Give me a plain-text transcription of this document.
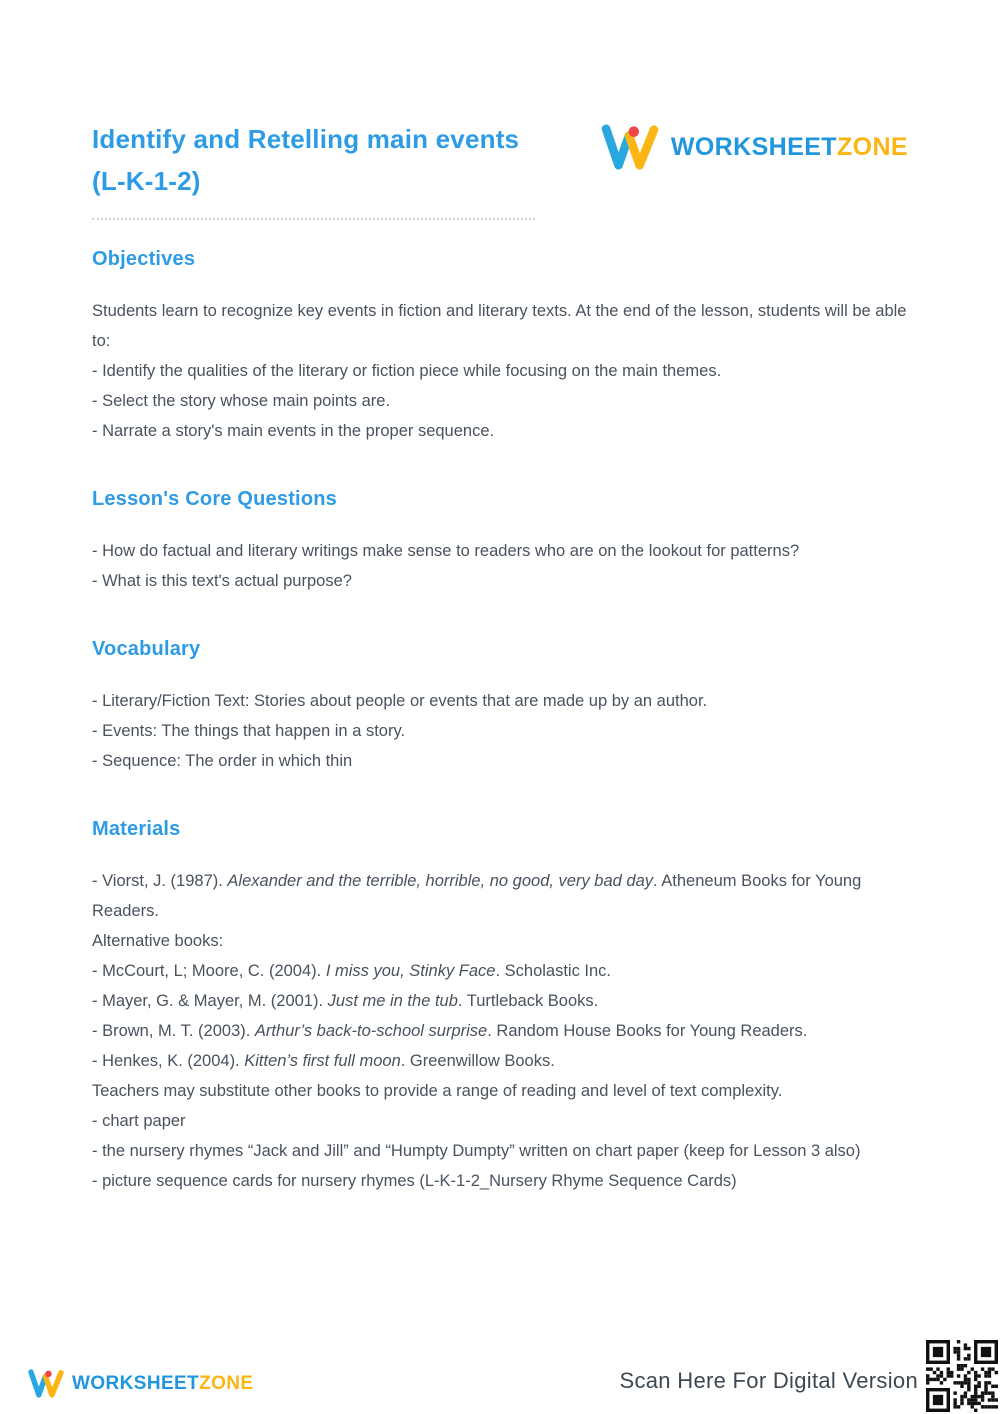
Identify and Retelling main events
(L-K-1-2)
WORKSHEETZONE
Objectives
Students learn to recognize key events in fiction and literary texts. At the end of the lesson, students will be able to:
- Identify the qualities of the literary or fiction piece while focusing on the main themes.
- Select the story whose main points are.
- Narrate a story's main events in the proper sequence.
Lesson's Core Questions
- How do factual and literary writings make sense to readers who are on the lookout for patterns?
- What is this text's actual purpose?
Vocabulary
- Literary/Fiction Text: Stories about people or events that are made up by an author.
- Events: The things that happen in a story.
- Sequence: The order in which thin
Materials
- Viorst, J. (1987). Alexander and the terrible, horrible, no good, very bad day. Atheneum Books for Young Readers.
Alternative books:
- McCourt, L; Moore, C. (2004). I miss you, Stinky Face. Scholastic Inc.
- Mayer, G. & Mayer, M. (2001). Just me in the tub. Turtleback Books.
- Brown, M. T. (2003). Arthur’s back-to-school surprise. Random House Books for Young Readers.
- Henkes, K. (2004). Kitten’s first full moon. Greenwillow Books.
Teachers may substitute other books to provide a range of reading and level of text complexity.
- chart paper
- the nursery rhymes “Jack and Jill” and “Humpty Dumpty” written on chart paper (keep for Lesson 3 also)
- picture sequence cards for nursery rhymes (L-K-1-2_Nursery Rhyme Sequence Cards)
WORKSHEETZONE	Scan Here For Digital Version
